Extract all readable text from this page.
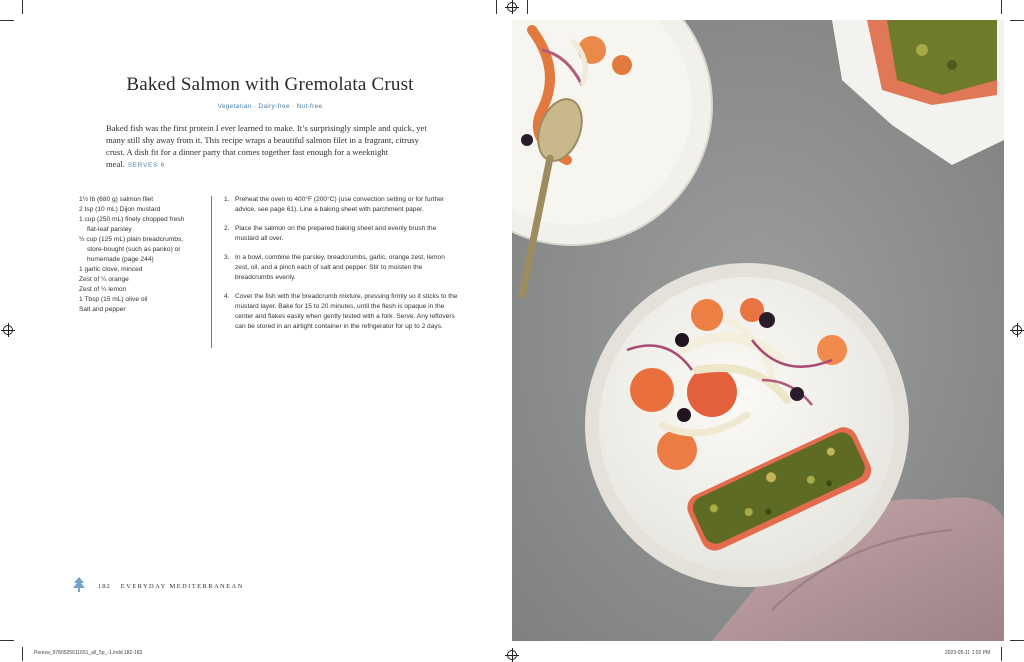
Baked Salmon with Gremolata Crust
Vegetarian · Dairy-free · Nut-free
Baked fish was the first protein I ever learned to make. It’s surprisingly simple and quick, yet many still shy away from it. This recipe wraps a beautiful salmon filet in a fragrant, citrusy crust. A dish fit for a dinner party that comes together fast enough for a weeknight meal. SERVES 6
1½ lb (680 g) salmon filet
2 tsp (10 mL) Dijon mustard
1 cup (250 mL) finely chopped fresh
flat-leaf parsley
½ cup (125 mL) plain breadcrumbs,
store-bought (such as panko) or homemade (page 244)
1 garlic clove, minced
Zest of ¼ orange
Zest of ¼ lemon
1 Tbsp (15 mL) olive oil
Salt and pepper
1. Preheat the oven to 400°F (200°C) (use convection setting or for further advice, see page 61). Line a baking sheet with parchment paper.
2. Place the salmon on the prepared baking sheet and evenly brush the mustard all over.
3. In a bowl, combine the parsley, breadcrumbs, garlic, orange zest, lemon zest, oil, and a pinch each of salt and pepper. Stir to moisten the breadcrumbs evenly.
4. Cover the fish with the breadcrumb mixture, pressing firmly so it sticks to the mustard layer. Bake for 15 to 20 minutes, until the flesh is opaque in the center and flakes easily when gently tested with a fork. Serve. Any leftovers can be stored in an airtight container in the refrigerator for up to 2 days.
182 EVERYDAY MEDITERRANEAN
Pereva_9780525611651_all_5p_-1.indd 182-183	2023-05-11 1:02 PM
